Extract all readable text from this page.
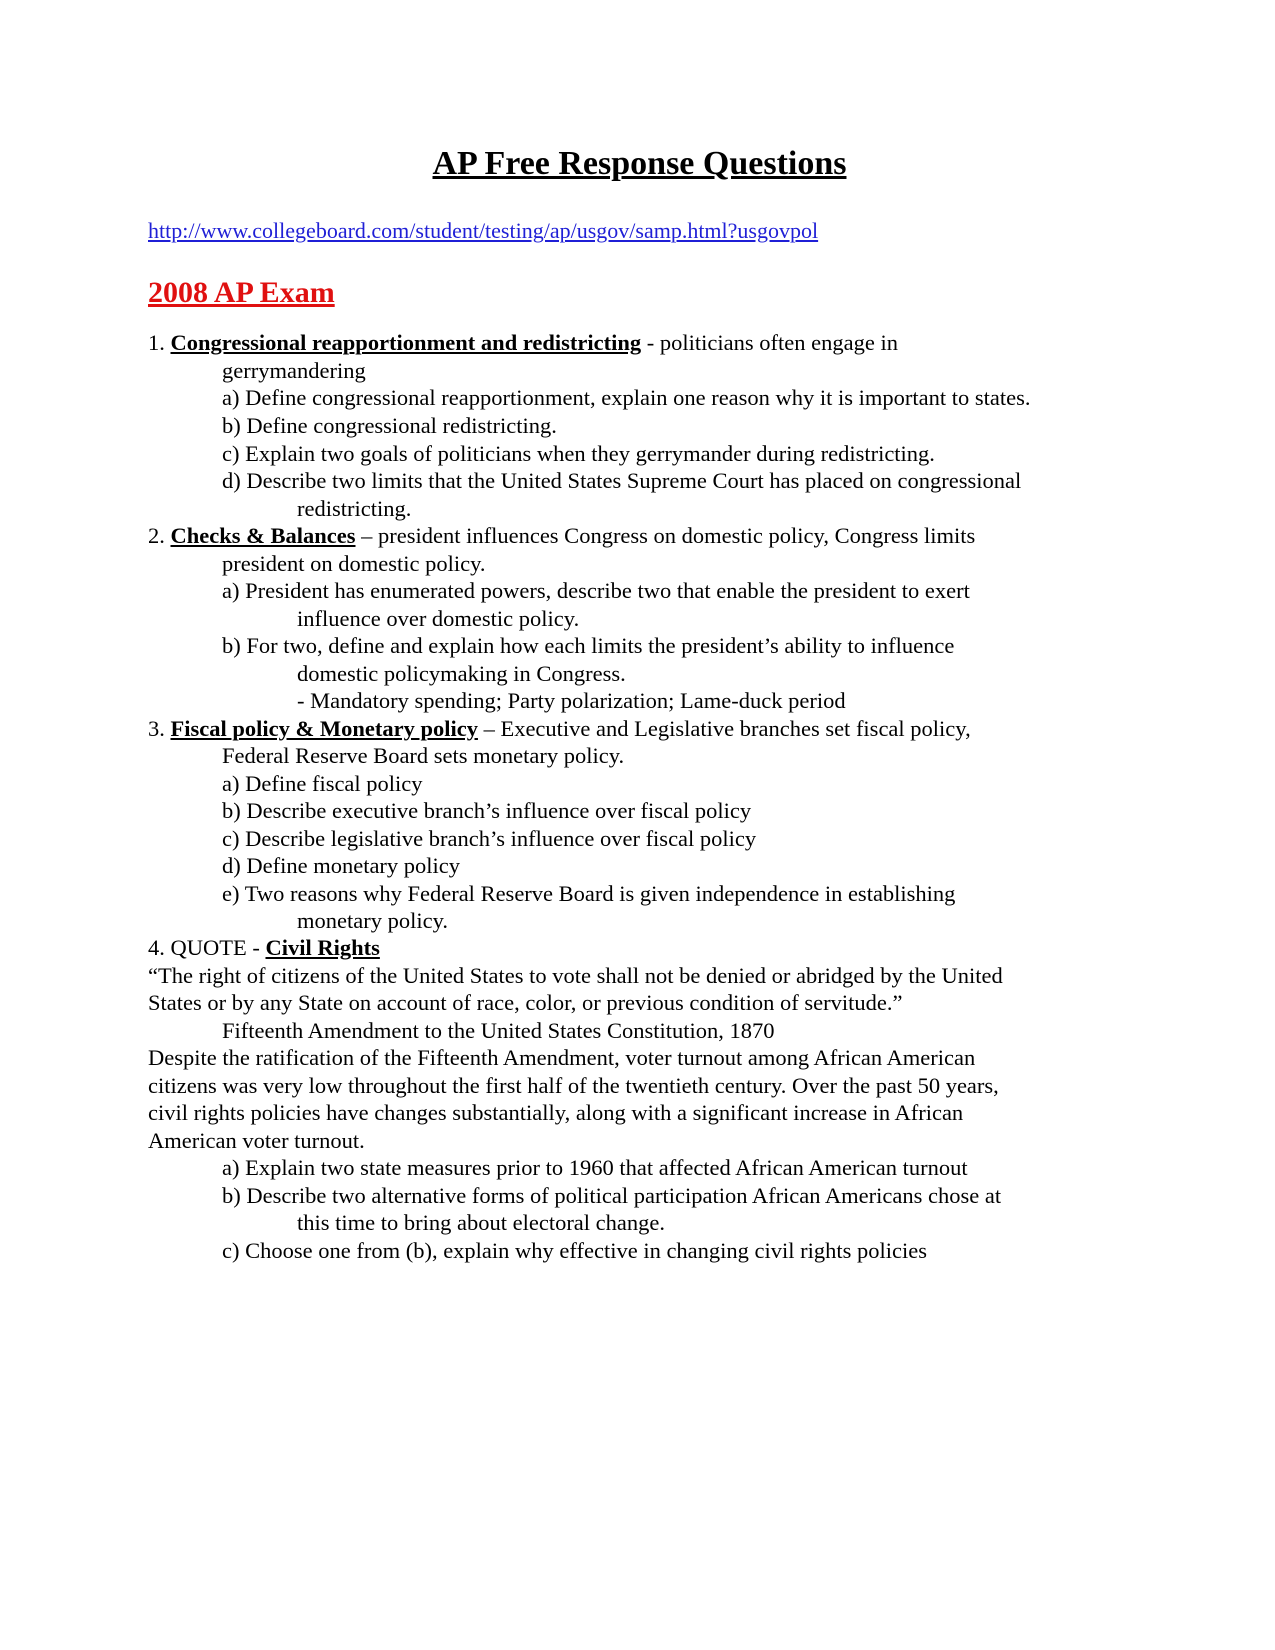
AP Free Response Questions
http://www.collegeboard.com/student/testing/ap/usgov/samp.html?usgovpol
2008 AP Exam
1. Congressional reapportionment and redistricting - politicians often engage in
gerrymandering
a) Define congressional reapportionment, explain one reason why it is important to states.
b) Define congressional redistricting.
c) Explain two goals of politicians when they gerrymander during redistricting.
d) Describe two limits that the United States Supreme Court has placed on congressional
redistricting.
2. Checks & Balances – president influences Congress on domestic policy, Congress limits
president on domestic policy.
a) President has enumerated powers, describe two that enable the president to exert
influence over domestic policy.
b) For two, define and explain how each limits the president’s ability to influence
domestic policymaking in Congress.
- Mandatory spending; Party polarization; Lame-duck period
3. Fiscal policy & Monetary policy – Executive and Legislative branches set fiscal policy,
Federal Reserve Board sets monetary policy.
a) Define fiscal policy
b) Describe executive branch’s influence over fiscal policy
c) Describe legislative branch’s influence over fiscal policy
d) Define monetary policy
e) Two reasons why Federal Reserve Board is given independence in establishing
monetary policy.
4. QUOTE - Civil Rights
“The right of citizens of the United States to vote shall not be denied or abridged by the United
States or by any State on account of race, color, or previous condition of servitude.”
Fifteenth Amendment to the United States Constitution, 1870
Despite the ratification of the Fifteenth Amendment, voter turnout among African American
citizens was very low throughout the first half of the twentieth century. Over the past 50 years,
civil rights policies have changes substantially, along with a significant increase in African
American voter turnout.
a) Explain two state measures prior to 1960 that affected African American turnout
b) Describe two alternative forms of political participation African Americans chose at
this time to bring about electoral change.
c) Choose one from (b), explain why effective in changing civil rights policies
